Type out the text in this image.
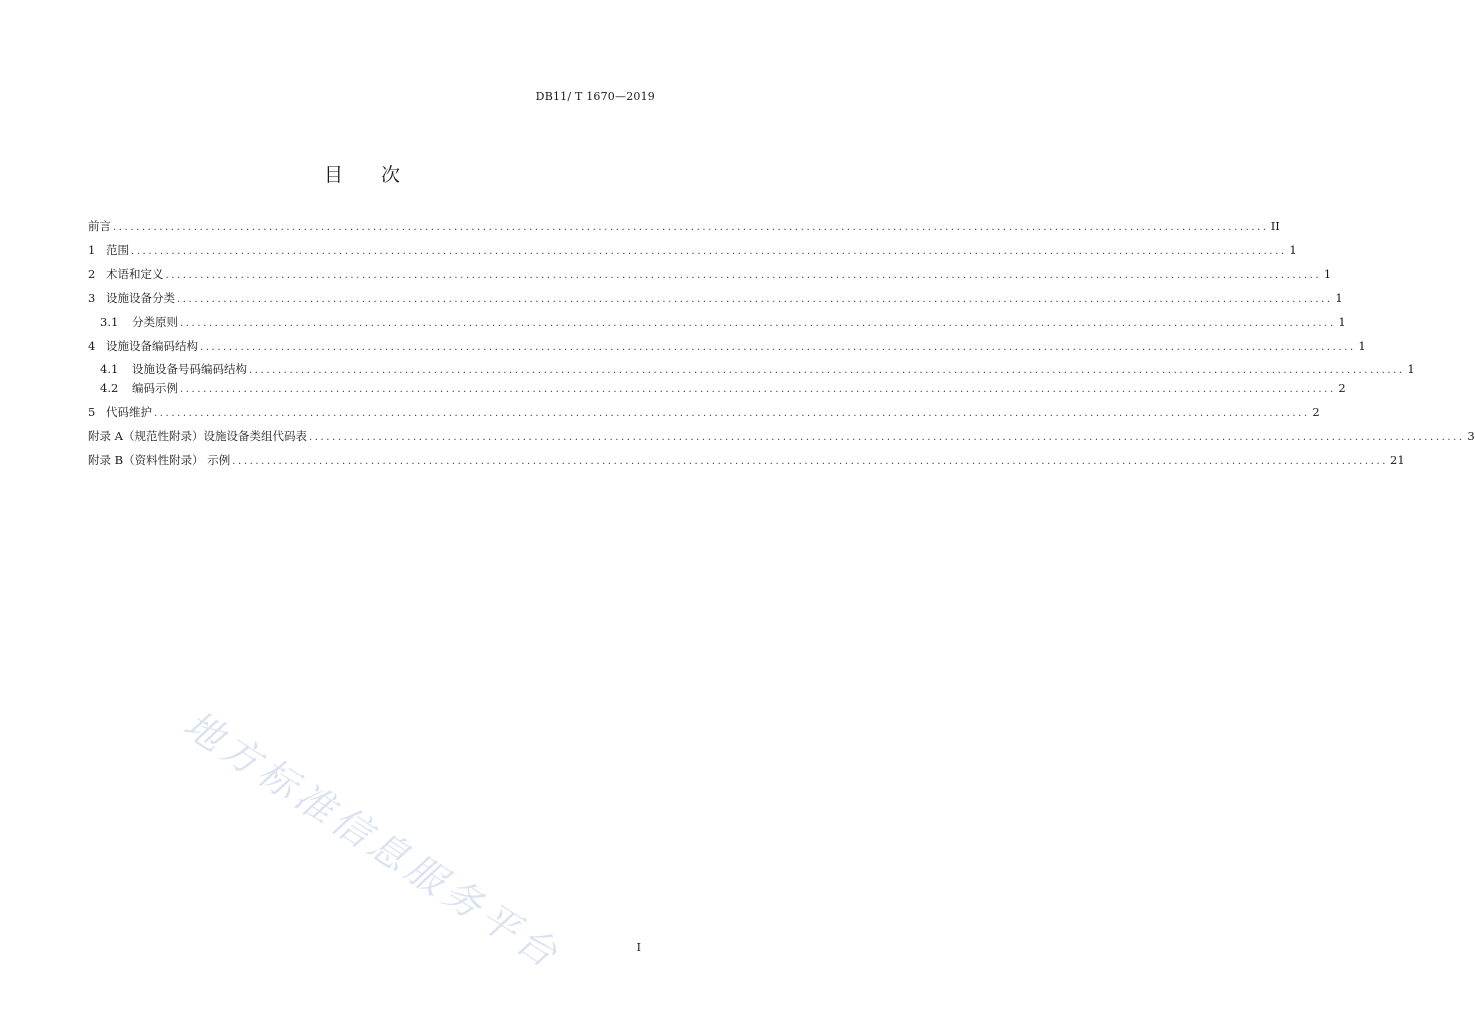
DB11/ T 1670—2019
目 次
前言 ........................................................................................................................................................................................................ II
1 范围 ........................................................................................................................................................................................................ 1
2 术语和定义 ........................................................................................................................................................................................................ 1
3 设施设备分类 ........................................................................................................................................................................................................ 1
3.1 分类原则 ........................................................................................................................................................................................................ 1
4 设施设备编码结构 ........................................................................................................................................................................................................ 1
4.1 设施设备号码编码结构 ........................................................................................................................................................................................................ 1
4.2 编码示例 ........................................................................................................................................................................................................ 2
5 代码维护 ........................................................................................................................................................................................................ 2
附录 A（规范性附录）设施设备类组代码表 ........................................................................................................................................................................................................ 3
附录 B（资料性附录） 示例 ........................................................................................................................................................................................................ 21
地方标准信息服务平台	I
